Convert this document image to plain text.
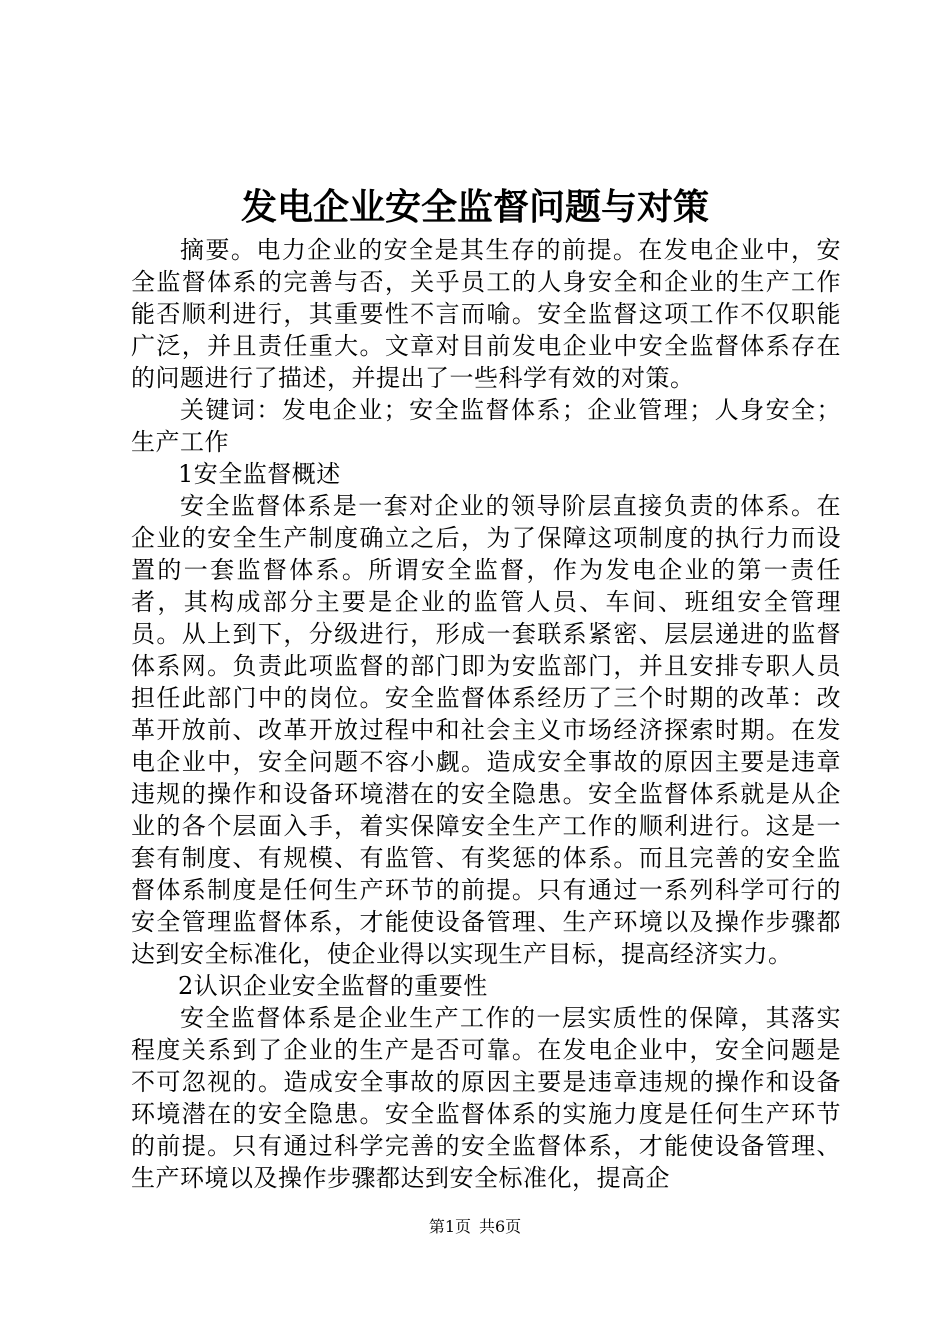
发电企业安全监督问题与对策

摘要。电力企业的安全是其生存的前提。在发电企业中，安全监督体系的完善与否，关乎员工的人身安全和企业的生产工作能否顺利进行，其重要性不言而喻。安全监督这项工作不仅职能广泛，并且责任重大。文章对目前发电企业中安全监督体系存在的问题进行了描述，并提出了一些科学有效的对策。

关键词：发电企业；安全监督体系；企业管理；人身安全；生产工作

1安全监督概述

安全监督体系是一套对企业的领导阶层直接负责的体系。在企业的安全生产制度确立之后，为了保障这项制度的执行力而设置的一套监督体系。所谓安全监督，作为发电企业的第一责任者，其构成部分主要是企业的监管人员、车间、班组安全管理员。从上到下，分级进行，形成一套联系紧密、层层递进的监督体系网。负责此项监督的部门即为安监部门，并且安排专职人员担任此部门中的岗位。安全监督体系经历了三个时期的改革：改革开放前、改革开放过程中和社会主义市场经济探索时期。在发电企业中，安全问题不容小觑。造成安全事故的原因主要是违章违规的操作和设备环境潜在的安全隐患。安全监督体系就是从企业的各个层面入手，着实保障安全生产工作的顺利进行。这是一套有制度、有规模、有监管、有奖惩的体系。而且完善的安全监督体系制度是任何生产环节的前提。只有通过一系列科学可行的安全管理监督体系，才能使设备管理、生产环境以及操作步骤都达到安全标准化，使企业得以实现生产目标，提高经济实力。

2认识企业安全监督的重要性

安全监督体系是企业生产工作的一层实质性的保障，其落实程度关系到了企业的生产是否可靠。在发电企业中，安全问题是不可忽视的。造成安全事故的原因主要是违章违规的操作和设备环境潜在的安全隐患。安全监督体系的实施力度是任何生产环节的前提。只有通过科学完善的安全监督体系，才能使设备管理、生产环境以及操作步骤都达到安全标准化，提高企

第1页 共6页
